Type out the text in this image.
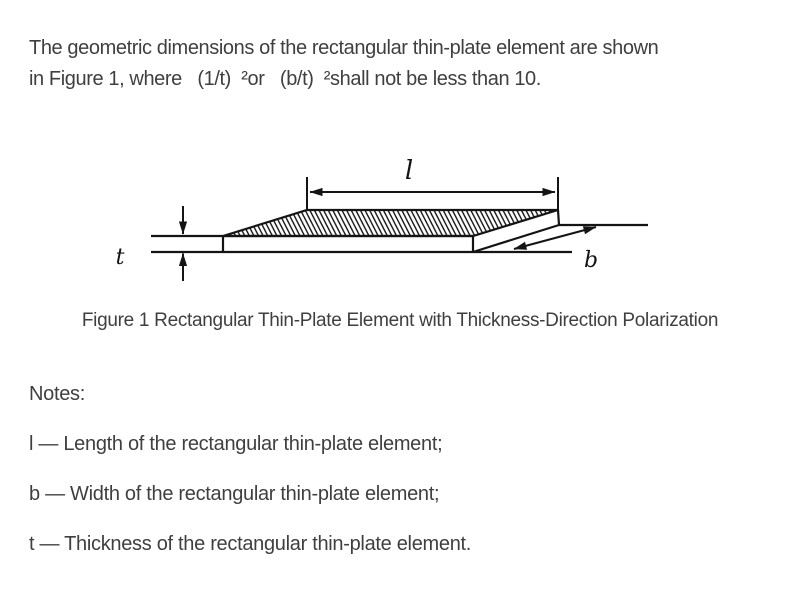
The geometric dimensions of the rectangular thin-plate element are shown
in Figure 1, where   (1/t)  ²or   (b/t)  ²shall not be less than 10.
l
t	b
Figure 1 Rectangular Thin-Plate Element with Thickness-Direction Polarization
Notes:
l — Length of the rectangular thin-plate element;
b — Width of the rectangular thin-plate element;
t — Thickness of the rectangular thin-plate element.
